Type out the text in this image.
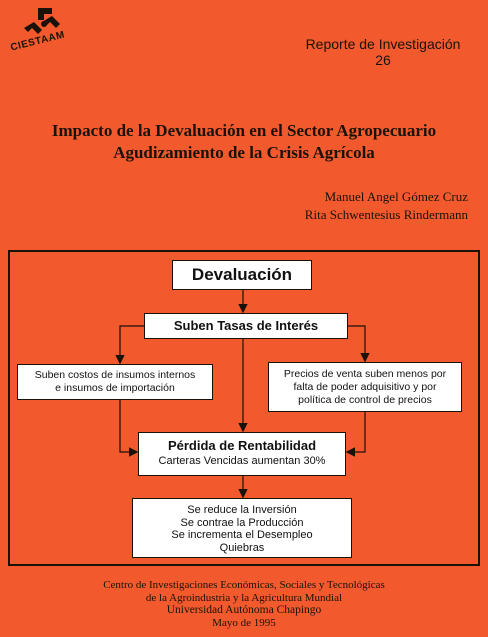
CIESTAAM	Reporte de Investigación
26
Impacto de la Devaluación en el Sector Agropecuario
Agudizamiento de la Crisis Agrícola
Manuel Angel Gómez Cruz
Rita Schwentesius Rindermann
Devaluación
Suben Tasas de Interés
Suben costos de insumos internos
e insumos de importación
Precios de venta suben menos por
falta de poder adquisitivo y por
política de control de precios
Pérdida de Rentabilidad
Carteras Vencidas aumentan 30%
Se reduce la Inversión
Se contrae la Producción
Se incrementa el Desempleo
Quiebras
Centro de Investigaciones Económicas, Sociales y Tecnológicas
de la Agroindustria y la Agricultura Mundial
Universidad Autónoma Chapingo
Mayo de 1995
